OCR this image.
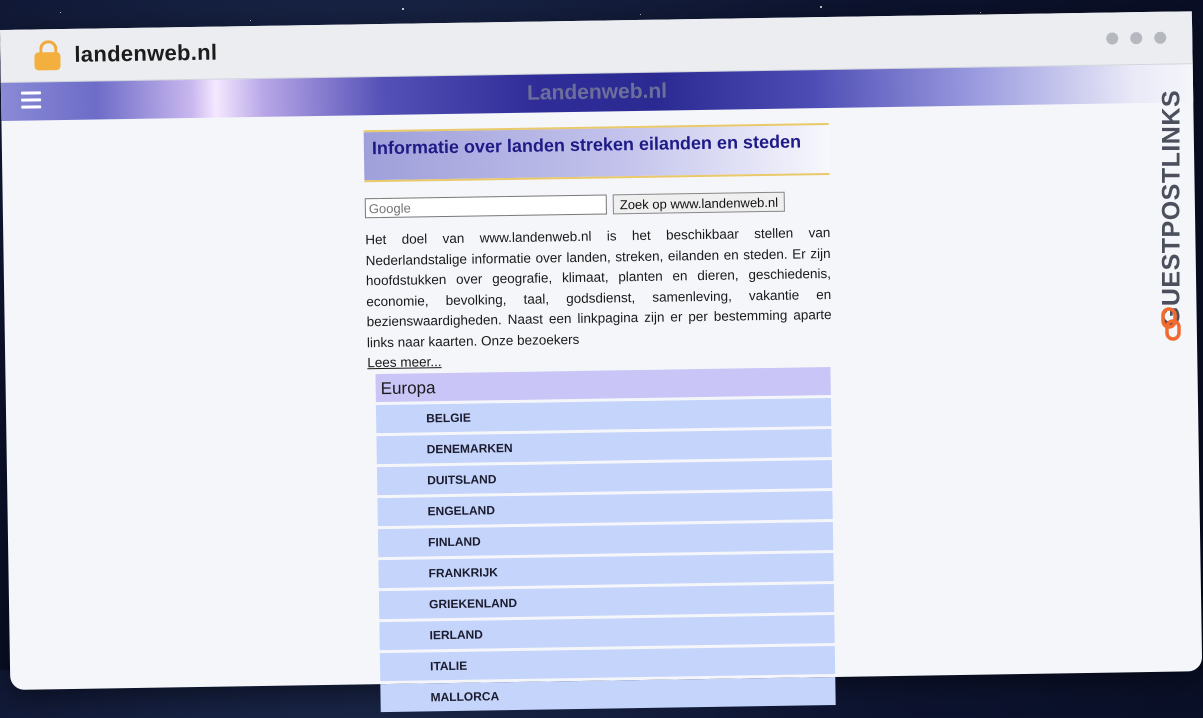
landenweb.nl
Landenweb.nl
Informatie over landen streken eilanden en steden
Google
Zoek op www.landenweb.nl
Het doel van www.landenweb.nl is het beschikbaar stellen van Nederlandstalige informatie over landen, streken, eilanden en steden. Er zijn hoofdstukken over geografie, klimaat, planten en dieren, geschiedenis, economie, bevolking, taal, godsdienst, samenleving, vakantie en bezienswaardigheden. Naast een linkpagina zijn er per bestemming aparte links naar kaarten. Onze bezoekers
Lees meer...
Europa
BELGIE
DENEMARKEN
DUITSLAND
ENGELAND
FINLAND
FRANKRIJK
GRIEKENLAND
IERLAND
ITALIE
MALLORCA
GUESTPOSTLINKS
